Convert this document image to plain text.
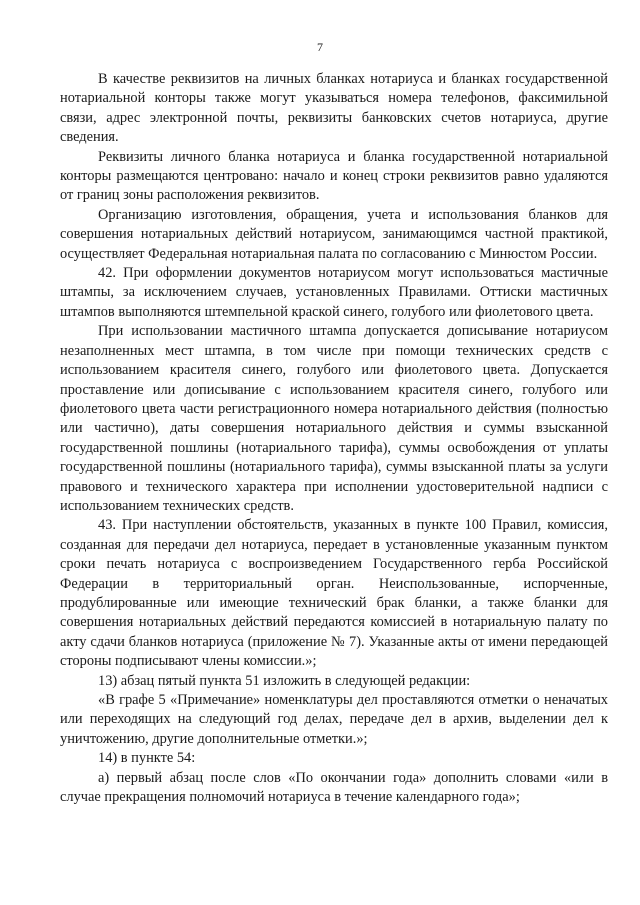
7

В качестве реквизитов на личных бланках нотариуса и бланках государственной нотариальной конторы также могут указываться номера телефонов, факсимильной связи, адрес электронной почты, реквизиты банковских счетов нотариуса, другие сведения.

Реквизиты личного бланка нотариуса и бланка государственной нотариальной конторы размещаются центровано: начало и конец строки реквизитов равно удаляются от границ зоны расположения реквизитов.

Организацию изготовления, обращения, учета и использования бланков для совершения нотариальных действий нотариусом, занимающимся частной практикой, осуществляет Федеральная нотариальная палата по согласованию с Минюстом России.

42. При оформлении документов нотариусом могут использоваться мастичные штампы, за исключением случаев, установленных Правилами. Оттиски мастичных штампов выполняются штемпельной краской синего, голубого или фиолетового цвета.

При использовании мастичного штампа допускается дописывание нотариусом незаполненных мест штампа, в том числе при помощи технических средств с использованием красителя синего, голубого или фиолетового цвета. Допускается проставление или дописывание с использованием красителя синего, голубого или фиолетового цвета части регистрационного номера нотариального действия (полностью или частично), даты совершения нотариального действия и суммы взысканной государственной пошлины (нотариального тарифа), суммы освобождения от уплаты государственной пошлины (нотариального тарифа), суммы взысканной платы за услуги правового и технического характера при исполнении удостоверительной надписи с использованием технических средств.

43. При наступлении обстоятельств, указанных в пункте 100 Правил, комиссия, созданная для передачи дел нотариуса, передает в установленные указанным пунктом сроки печать нотариуса с воспроизведением Государственного герба Российской Федерации в территориальный орган. Неиспользованные, испорченные, продублированные или имеющие технический брак бланки, а также бланки для совершения нотариальных действий передаются комиссией в нотариальную палату по акту сдачи бланков нотариуса (приложение № 7). Указанные акты от имени передающей стороны подписывают члены комиссии.»;

13) абзац пятый пункта 51 изложить в следующей редакции:

«В графе 5 «Примечание» номенклатуры дел проставляются отметки о неначатых или переходящих на следующий год делах, передаче дел в архив, выделении дел к уничтожению, другие дополнительные отметки.»;

14) в пункте 54:

а) первый абзац после слов «По окончании года» дополнить словами «или в случае прекращения полномочий нотариуса в течение календарного года»;
